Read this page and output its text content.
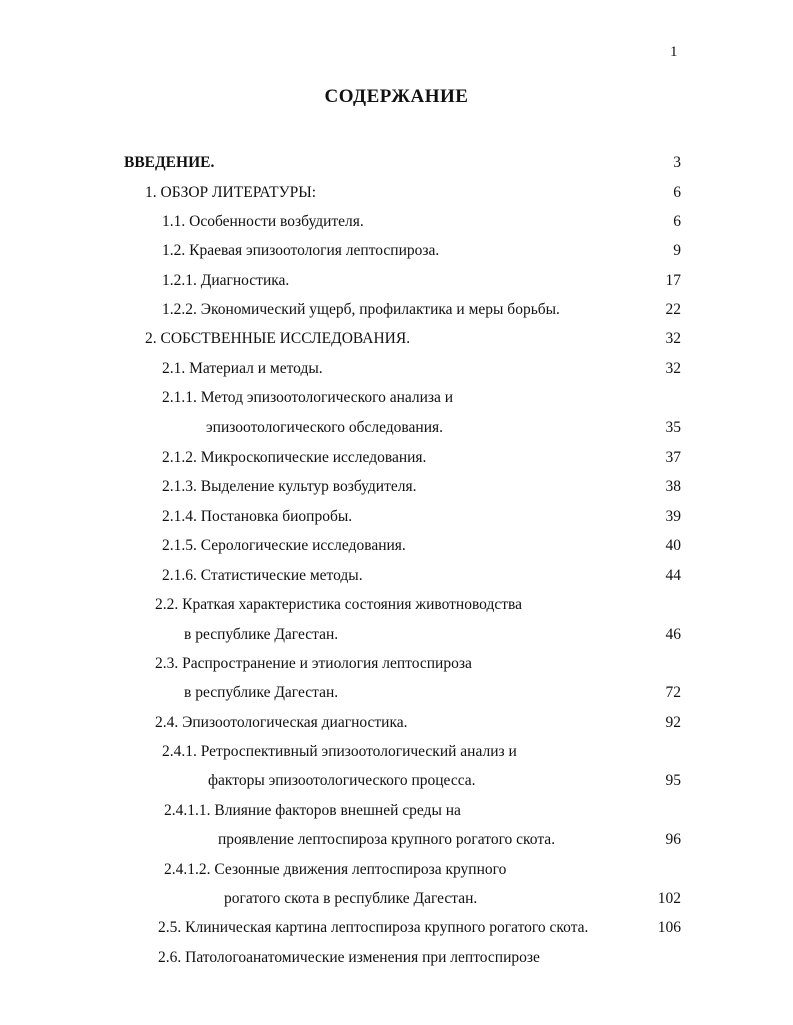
1
СОДЕРЖАНИЕ
ВВЕДЕНИЕ.	3
1. ОБЗОР ЛИТЕРАТУРЫ:	6
1.1. Особенности возбудителя.	6
1.2. Краевая эпизоотология лептоспироза.	9
1.2.1. Диагностика.	17
1.2.2. Экономический ущерб, профилактика и меры борьбы.	22
2. СОБСТВЕННЫЕ ИССЛЕДОВАНИЯ.	32
2.1. Материал и методы.	32
2.1.1. Метод эпизоотологического анализа и
эпизоотологического обследования.	35
2.1.2. Микроскопические исследования.	37
2.1.3. Выделение культур возбудителя.	38
2.1.4. Постановка биопробы.	39
2.1.5. Серологические исследования.	40
2.1.6. Статистические методы.	44
2.2. Краткая характеристика состояния животноводства
в республике Дагестан.	46
2.3. Распространение и этиология лептоспироза
в республике Дагестан.	72
2.4. Эпизоотологическая диагностика.	92
2.4.1. Ретроспективный эпизоотологический анализ и
факторы эпизоотологического процесса.	95
2.4.1.1. Влияние факторов внешней среды на
проявление лептоспироза крупного рогатого скота.	96
2.4.1.2. Сезонные движения лептоспироза крупного
рогатого скота в республике Дагестан.	102
2.5. Клиническая картина лептоспироза крупного рогатого скота.	106
2.6. Патологоанатомические изменения при лептоспирозе
